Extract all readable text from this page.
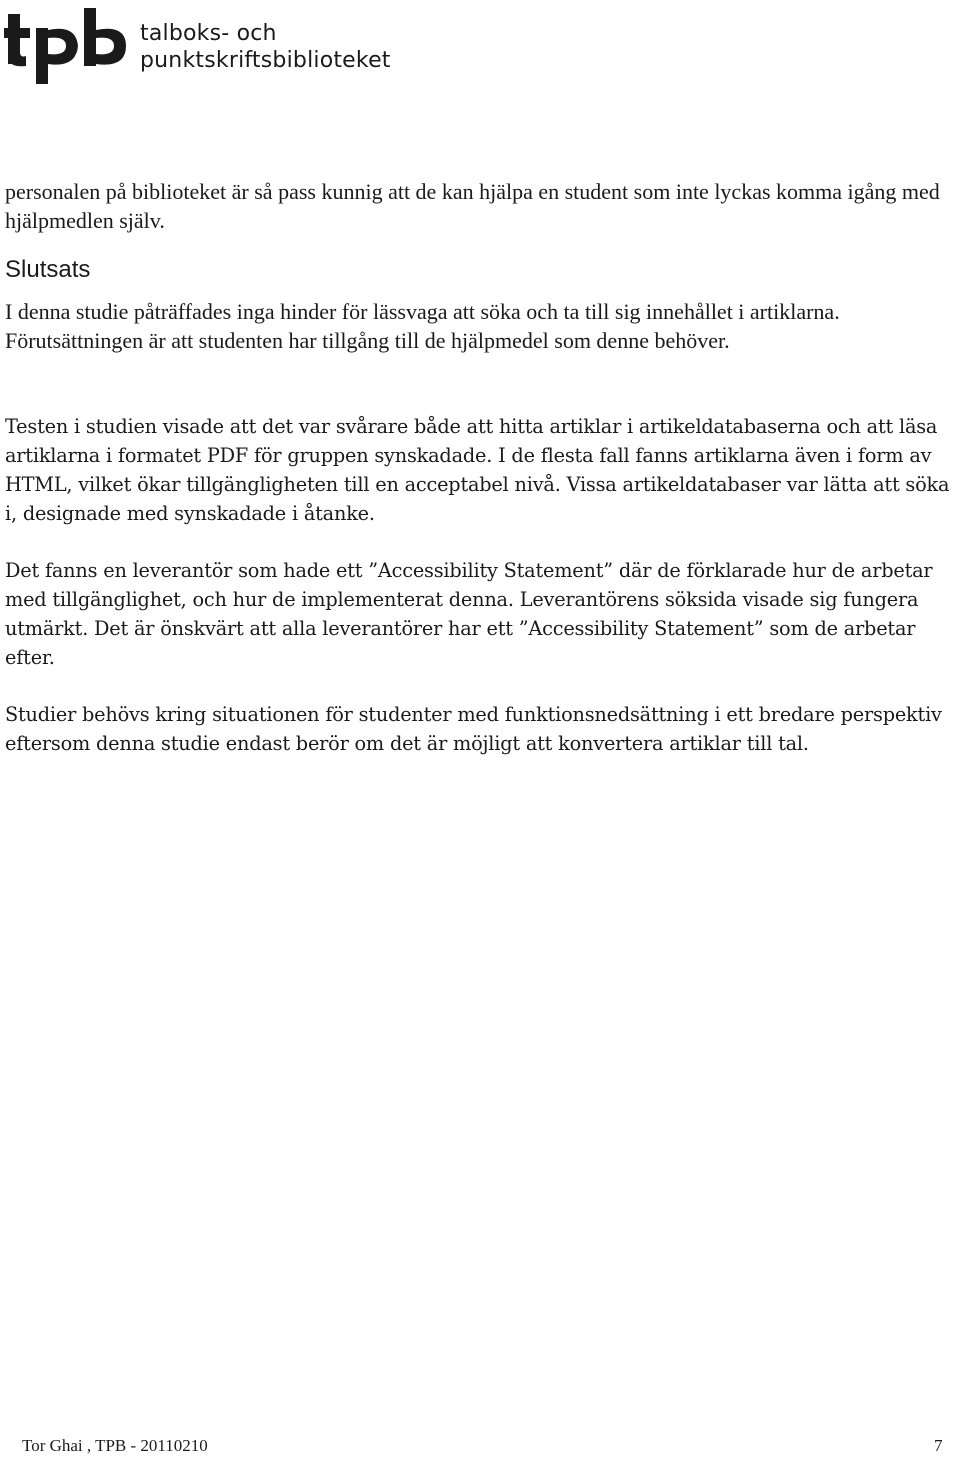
talboks- och
punktskriftsbiblioteket
personalen på biblioteket är så pass kunnig att de kan hjälpa en student som inte lyckas komma igång med hjälpmedlen själv.
Slutsats
I denna studie påträffades inga hinder för lässvaga att söka och ta till sig innehållet i artiklarna. Förutsättningen är att studenten har tillgång till de hjälpmedel som denne behöver.
Testen i studien visade att det var svårare både att hitta artiklar i artikeldatabaserna och att läsa artiklarna i formatet PDF för gruppen synskadade. I de flesta fall fanns artiklarna även i form av HTML, vilket ökar tillgängligheten till en acceptabel nivå. Vissa artikeldatabaser var lätta att söka i, designade med synskadade i åtanke.
Det fanns en leverantör som hade ett ”Accessibility Statement” där de förklarade hur de arbetar med tillgänglighet, och hur de implementerat denna. Leverantörens söksida visade sig fungera utmärkt. Det är önskvärt att alla leverantörer har ett ”Accessibility Statement” som de arbetar efter.
Studier behövs kring situationen för studenter med funktionsnedsättning i ett bredare perspektiv eftersom denna studie endast berör om det är möjligt att konvertera artiklar till tal.
Tor Ghai , TPB - 20110210	7
